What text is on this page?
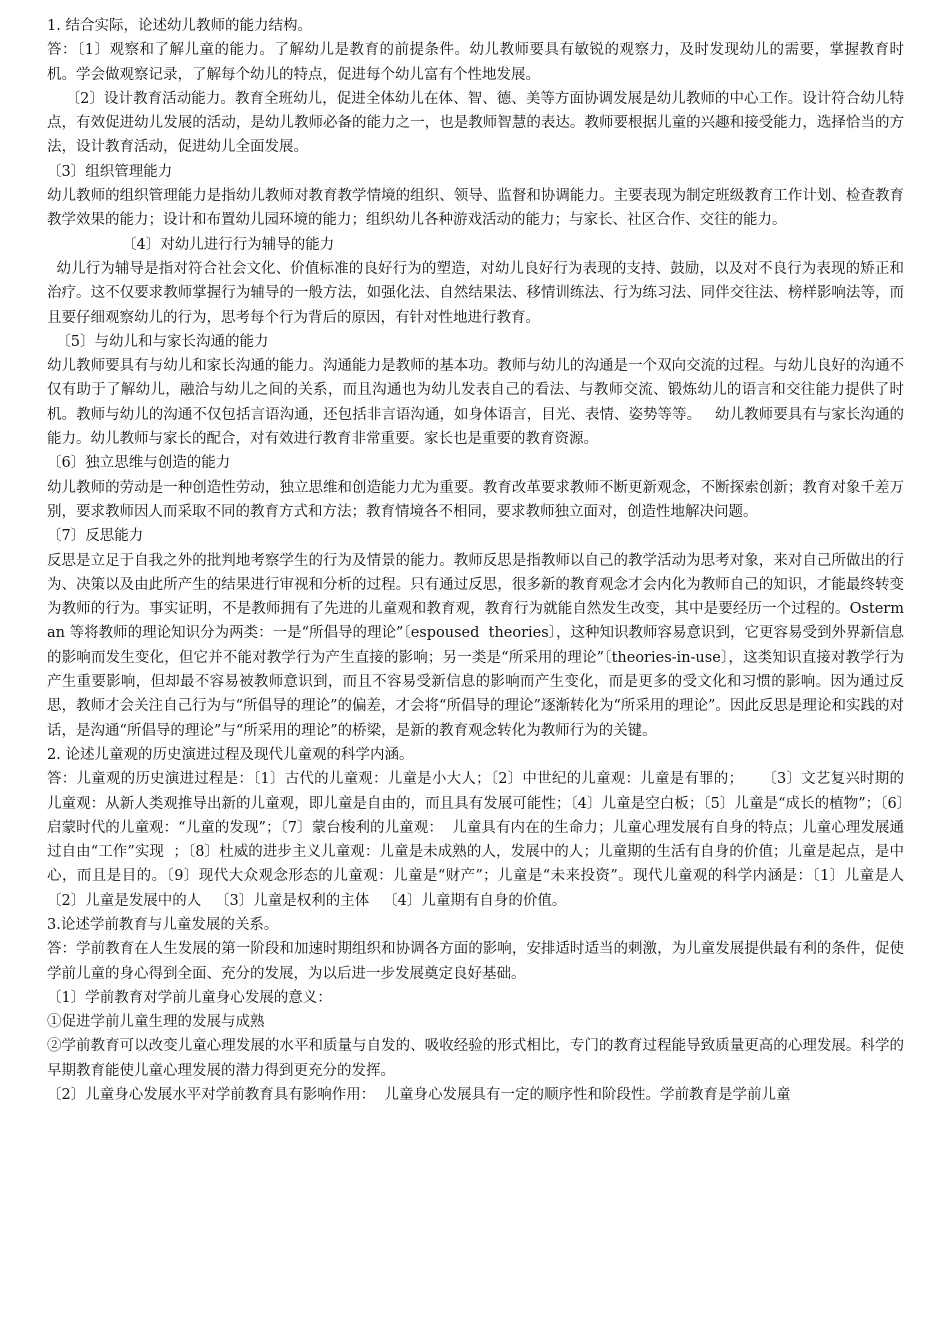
1. 结合实际，论述幼儿教师的能力结构。

答：〔1〕观察和了解儿童的能力。了解幼儿是教育的前提条件。幼儿教师要具有敏锐的观察力，及时发现幼儿的需要，掌握教育时机。学会做观察记录，了解每个幼儿的特点，促进每个幼儿富有个性地发展。

〔2〕设计教育活动能力。教育全班幼儿，促进全体幼儿在体、智、德、美等方面协调发展是幼儿教师的中心工作。设计符合幼儿特点，有效促进幼儿发展的活动，是幼儿教师必备的能力之一，也是教师智慧的表达。教师要根据儿童的兴趣和接受能力，选择恰当的方法，设计教育活动，促进幼儿全面发展。

〔3〕组织管理能力

幼儿教师的组织管理能力是指幼儿教师对教育教学情境的组织、领导、监督和协调能力。主要表现为制定班级教育工作计划、检查教育教学效果的能力；设计和布置幼儿园环境的能力；组织幼儿各种游戏活动的能力；与家长、社区合作、交往的能力。

〔4〕对幼儿进行行为辅导的能力

幼儿行为辅导是指对符合社会文化、价值标准的良好行为的塑造，对幼儿良好行为表现的支持、鼓励，以及对不良行为表现的矫正和治疗。这不仅要求教师掌握行为辅导的一般方法，如强化法、自然结果法、移情训练法、行为练习法、同伴交往法、榜样影响法等，而且要仔细观察幼儿的行为，思考每个行为背后的原因，有针对性地进行教育。

〔5〕与幼儿和与家长沟通的能力

幼儿教师要具有与幼儿和家长沟通的能力。沟通能力是教师的基本功。教师与幼儿的沟通是一个双向交流的过程。与幼儿良好的沟通不仅有助于了解幼儿，融洽与幼儿之间的关系，而且沟通也为幼儿发表自己的看法、与教师交流、锻炼幼儿的语言和交往能力提供了时机。教师与幼儿的沟通不仅包括言语沟通，还包括非言语沟通，如身体语言，目光、表情、姿势等等。   幼儿教师要具有与家长沟通的能力。幼儿教师与家长的配合，对有效进行教育非常重要。家长也是重要的教育资源。

〔6〕独立思维与创造的能力

幼儿教师的劳动是一种创造性劳动，独立思维和创造能力尤为重要。教育改革要求教师不断更新观念，不断探索创新；教育对象千差万别，要求教师因人而采取不同的教育方式和方法；教育情境各不相同，要求教师独立面对，创造性地解决问题。

〔7〕反思能力

反思是立足于自我之外的批判地考察学生的行为及情景的能力。教师反思是指教师以自己的教学活动为思考对象，来对自己所做出的行为、决策以及由此所产生的结果进行审视和分析的过程。只有通过反思，很多新的教育观念才会内化为教师自己的知识，才能最终转变为教师的行为。事实证明，不是教师拥有了先进的儿童观和教育观，教育行为就能自然发生改变，其中是要经历一个过程的。Osterman 等将教师的理论知识分为两类：一是“所倡导的理论”〔espoused  theories〕，这种知识教师容易意识到，它更容易受到外界新信息的影响而发生变化，但它并不能对教学行为产生直接的影响；另一类是“所采用的理论”〔theories-in-use〕，这类知识直接对教学行为产生重要影响，但却最不容易被教师意识到，而且不容易受新信息的影响而产生变化，而是更多的受文化和习惯的影响。因为通过反思，教师才会关注自己行为与“所倡导的理论”的偏差，才会将“所倡导的理论”逐渐转化为“所采用的理论”。因此反思是理论和实践的对话，是沟通“所倡导的理论”与“所采用的理论”的桥梁，是新的教育观念转化为教师行为的关键。

2. 论述儿童观的历史演进过程及现代儿童观的科学内涵。

答：儿童观的历史演进过程是：〔1〕古代的儿童观：儿童是小大人；〔2〕中世纪的儿童观：儿童是有罪的；    〔3〕文艺复兴时期的儿童观：从新人类观推导出新的儿童观，即儿童是自由的，而且具有发展可能性；〔4〕儿童是空白板；〔5〕儿童是“成长的植物”；〔6〕启蒙时代的儿童观：“儿童的发现”；〔7〕蒙台梭利的儿童观：  儿童具有内在的生命力；儿童心理发展有自身的特点；儿童心理发展通过自由“工作”实现  ；〔8〕杜威的进步主义儿童观：儿童是未成熟的人，发展中的人；儿童期的生活有自身的价值；儿童是起点，是中心，而且是目的。〔9〕现代大众观念形态的儿童观：儿童是“财产”；儿童是“未来投资”。现代儿童观的科学内涵是：〔1〕儿童是人   〔2〕儿童是发展中的人   〔3〕儿童是权利的主体   〔4〕儿童期有自身的价值。

3.论述学前教育与儿童发展的关系。

答：学前教育在人生发展的第一阶段和加速时期组织和协调各方面的影响，安排适时适当的刺激，为儿童发展提供最有利的条件，促使学前儿童的身心得到全面、充分的发展，为以后进一步发展奠定良好基础。

〔1〕学前教育对学前儿童身心发展的意义：

①促进学前儿童生理的发展与成熟

②学前教育可以改变儿童心理发展的水平和质量与自发的、吸收经验的形式相比，专门的教育过程能导致质量更高的心理发展。科学的早期教育能使儿童心理发展的潜力得到更充分的发挥。

〔2〕儿童身心发展水平对学前教育具有影响作用：  儿童身心发展具有一定的顺序性和阶段性。学前教育是学前儿童
